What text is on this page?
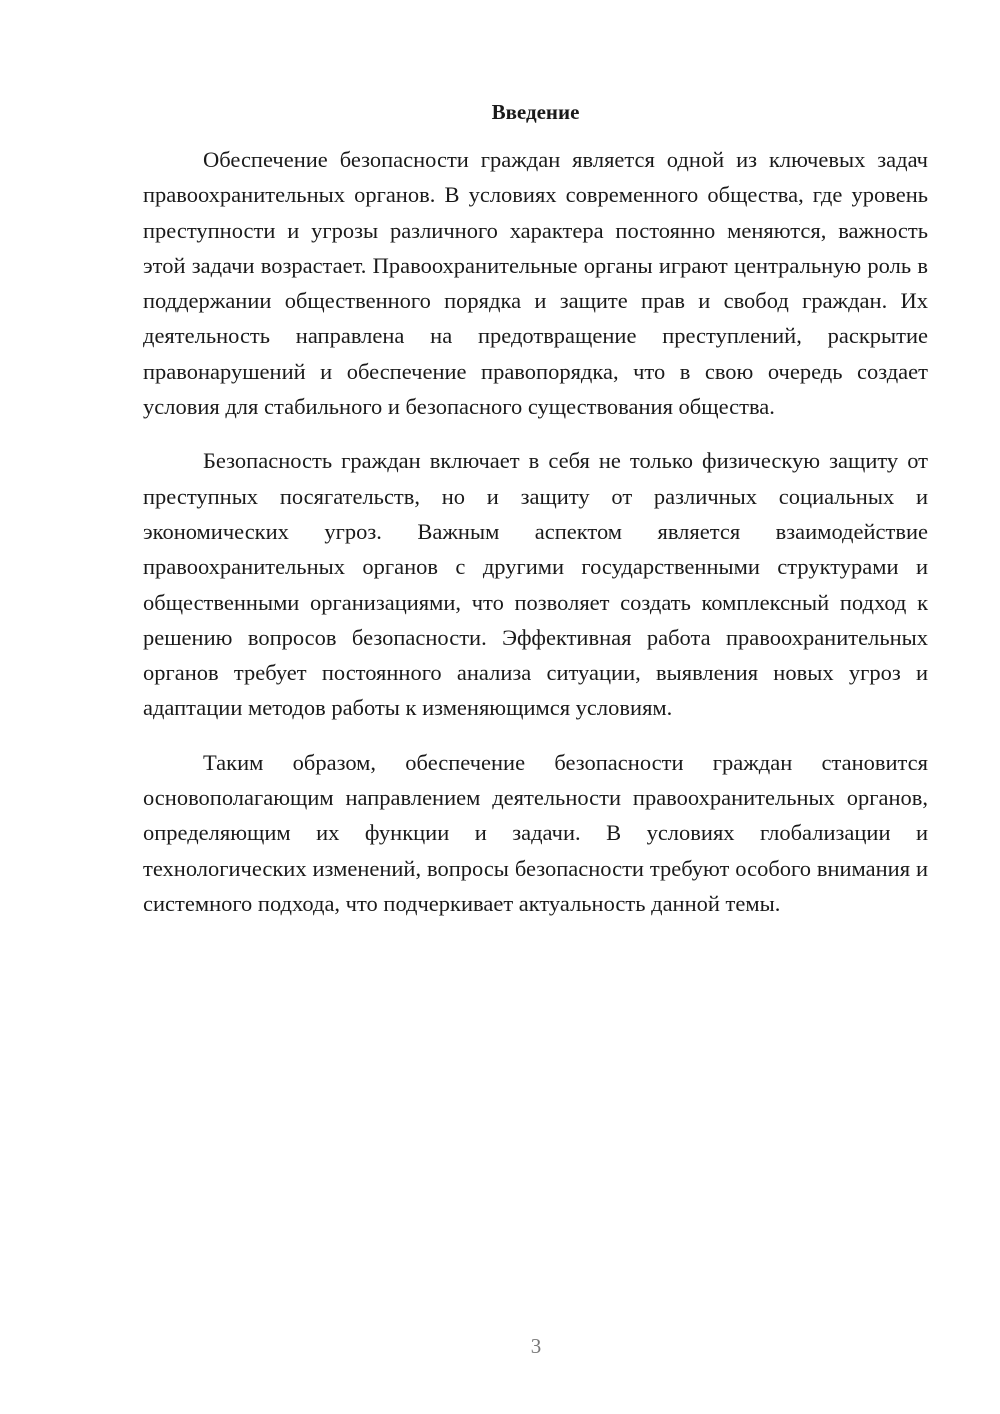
Введение

Обеспечение безопасности граждан является одной из ключевых задач правоохранительных органов. В условиях современного общества, где уровень преступности и угрозы различного характера постоянно меняются, важность этой задачи возрастает. Правоохранительные органы играют центральную роль в поддержании общественного порядка и защите прав и свобод граждан. Их деятельность направлена на предотвращение преступлений, раскрытие правонарушений и обеспечение правопорядка, что в свою очередь создает условия для стабильного и безопасного существования общества.

Безопасность граждан включает в себя не только физическую защиту от преступных посягательств, но и защиту от различных социальных и экономических угроз. Важным аспектом является взаимодействие правоохранительных органов с другими государственными структурами и общественными организациями, что позволяет создать комплексный подход к решению вопросов безопасности. Эффективная работа правоохранительных органов требует постоянного анализа ситуации, выявления новых угроз и адаптации методов работы к изменяющимся условиям.

Таким образом, обеспечение безопасности граждан становится основополагающим направлением деятельности правоохранительных органов, определяющим их функции и задачи. В условиях глобализации и технологических изменений, вопросы безопасности требуют особого внимания и системного подхода, что подчеркивает актуальность данной темы.

3
